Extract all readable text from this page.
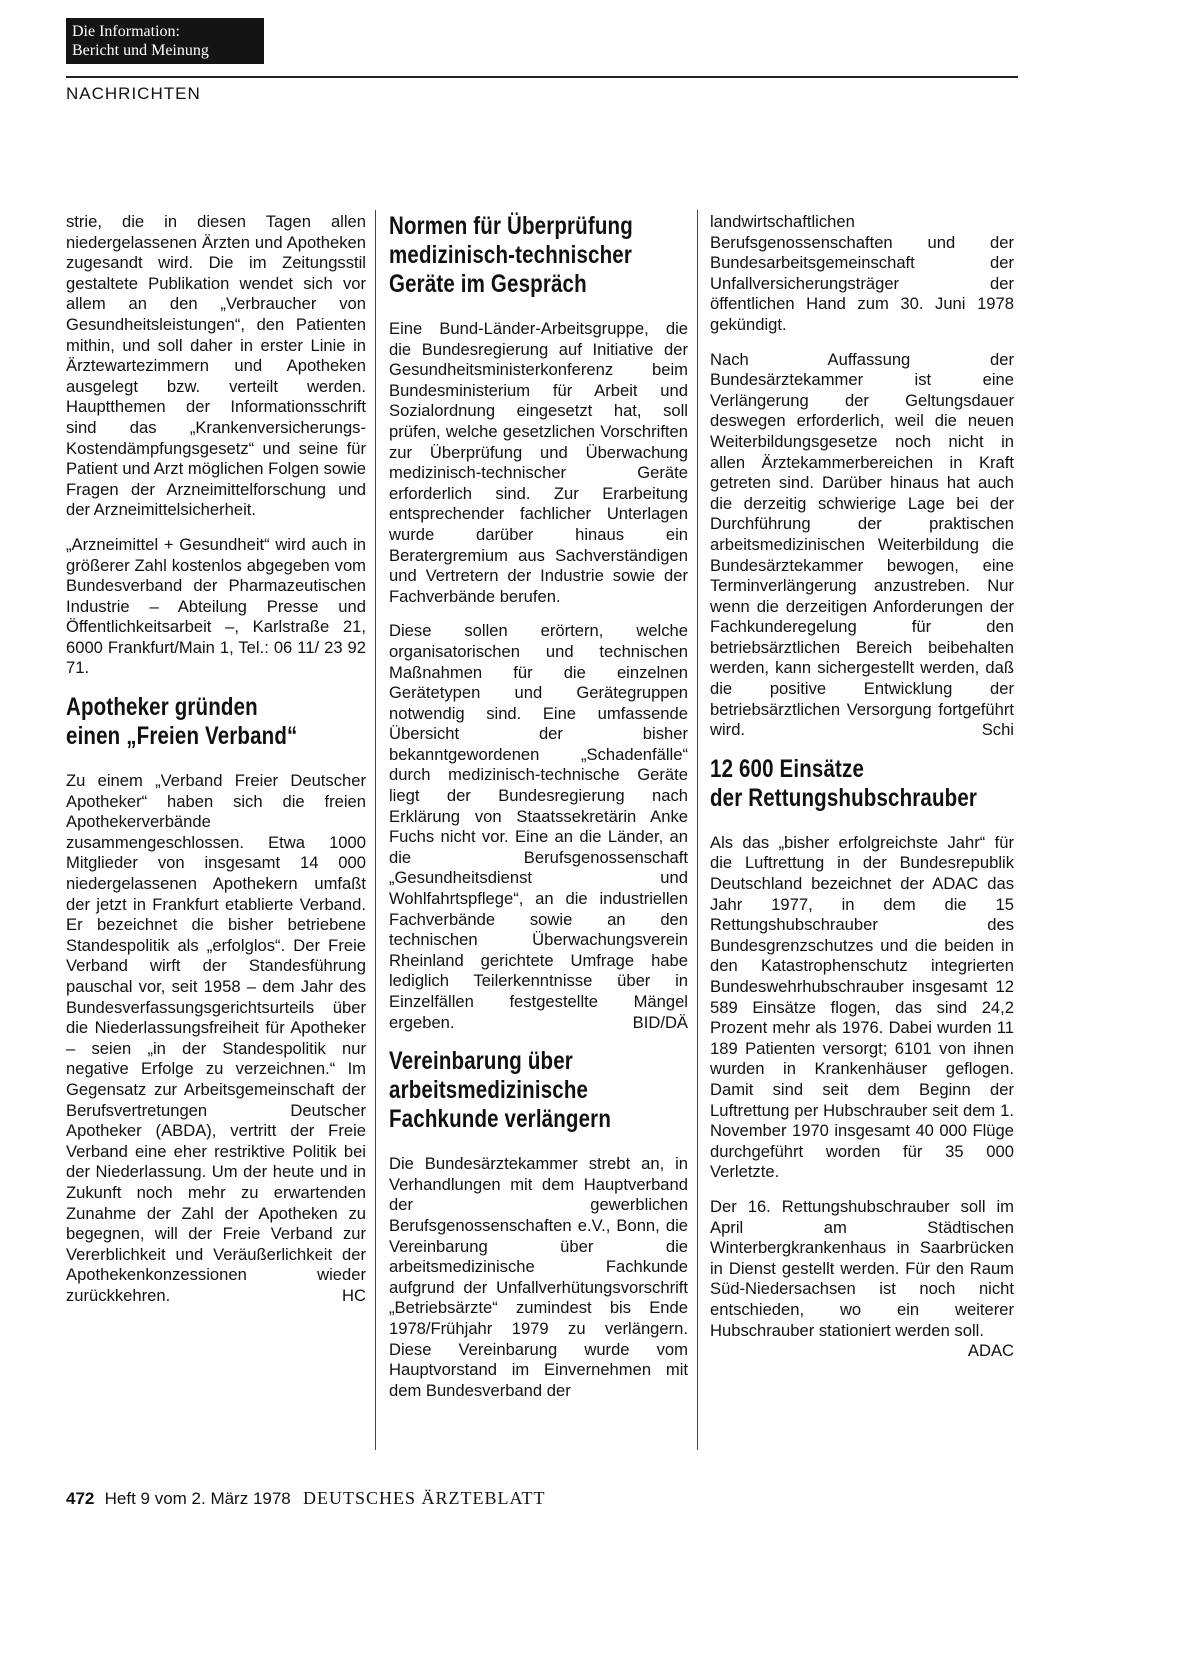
Die Information:
Bericht und Meinung
NACHRICHTEN

strie, die in diesen Tagen allen niedergelassenen Ärzten und Apotheken zugesandt wird. Die im Zeitungsstil gestaltete Publikation wendet sich vor allem an den „Verbraucher von Gesundheitsleistungen“, den Patienten mithin, und soll daher in erster Linie in Ärztewartezimmern und Apotheken ausgelegt bzw. verteilt werden. Hauptthemen der Informationsschrift sind das „Krankenversicherungs-Kostendämpfungsgesetz“ und seine für Patient und Arzt möglichen Folgen sowie Fragen der Arzneimittelforschung und der Arzneimittelsicherheit.

„Arzneimittel + Gesundheit“ wird auch in größerer Zahl kostenlos abgegeben vom Bundesverband der Pharmazeutischen Industrie – Abteilung Presse und Öffentlichkeitsarbeit –, Karlstraße 21, 6000 Frankfurt/Main 1, Tel.: 06 11/ 23 92 71.

Apotheker gründen
einen „Freien Verband“

Zu einem „Verband Freier Deutscher Apotheker“ haben sich die freien Apothekerverbände zusammengeschlossen. Etwa 1000 Mitglieder von insgesamt 14 000 niedergelassenen Apothekern umfaßt der jetzt in Frankfurt etablierte Verband. Er bezeichnet die bisher betriebene Standespolitik als „erfolglos“. Der Freie Verband wirft der Standesführung pauschal vor, seit 1958 – dem Jahr des Bundesverfassungsgerichtsurteils über die Niederlassungsfreiheit für Apotheker – seien „in der Standespolitik nur negative Erfolge zu verzeichnen.“ Im Gegensatz zur Arbeitsgemeinschaft der Berufsvertretungen Deutscher Apotheker (ABDA), vertritt der Freie Verband eine eher restriktive Politik bei der Niederlassung. Um der heute und in Zukunft noch mehr zu erwartenden Zunahme der Zahl der Apotheken zu begegnen, will der Freie Verband zur Vererblichkeit und Veräußerlichkeit der Apothekenkonzessionen wieder zurückkehren.	HC

Normen für Überprüfung
medizinisch-technischer
Geräte im Gespräch

Eine Bund-Länder-Arbeitsgruppe, die die Bundesregierung auf Initiative der Gesundheitsministerkonferenz beim Bundesministerium für Arbeit und Sozialordnung eingesetzt hat, soll prüfen, welche gesetzlichen Vorschriften zur Überprüfung und Überwachung medizinisch-technischer Geräte erforderlich sind. Zur Erarbeitung entsprechender fachlicher Unterlagen wurde darüber hinaus ein Beratergremium aus Sachverständigen und Vertretern der Industrie sowie der Fachverbände berufen.

Diese sollen erörtern, welche organisatorischen und technischen Maßnahmen für die einzelnen Gerätetypen und Gerätegruppen notwendig sind. Eine umfassende Übersicht der bisher bekanntgewordenen „Schadenfälle“ durch medizinisch-technische Geräte liegt der Bundesregierung nach Erklärung von Staatssekretärin Anke Fuchs nicht vor. Eine an die Länder, an die Berufsgenossenschaft „Gesundheitsdienst und Wohlfahrtspflege“, an die industriellen Fachverbände sowie an den technischen Überwachungsverein Rheinland gerichtete Umfrage habe lediglich Teilerkenntnisse über in Einzelfällen festgestellte Mängel ergeben.	BID/DÄ

Vereinbarung über
arbeitsmedizinische
Fachkunde verlängern

Die Bundesärztekammer strebt an, in Verhandlungen mit dem Hauptverband der gewerblichen Berufsgenossenschaften e.V., Bonn, die Vereinbarung über die arbeitsmedizinische Fachkunde aufgrund der Unfallverhütungsvorschrift „Betriebsärzte“ zumindest bis Ende 1978/Frühjahr 1979 zu verlängern. Diese Vereinbarung wurde vom Hauptvorstand im Einvernehmen mit dem Bundesverband der

landwirtschaftlichen Berufsgenossenschaften und der Bundesarbeitsgemeinschaft der Unfallversicherungsträger der öffentlichen Hand zum 30. Juni 1978 gekündigt.

Nach Auffassung der Bundesärztekammer ist eine Verlängerung der Geltungsdauer deswegen erforderlich, weil die neuen Weiterbildungsgesetze noch nicht in allen Ärztekammerbereichen in Kraft getreten sind. Darüber hinaus hat auch die derzeitig schwierige Lage bei der Durchführung der praktischen arbeitsmedizinischen Weiterbildung die Bundesärztekammer bewogen, eine Terminverlängerung anzustreben. Nur wenn die derzeitigen Anforderungen der Fachkunderegelung für den betriebsärztlichen Bereich beibehalten werden, kann sichergestellt werden, daß die positive Entwicklung der betriebsärztlichen Versorgung fortgeführt wird.	Schi

12 600 Einsätze
der Rettungshubschrauber

Als das „bisher erfolgreichste Jahr“ für die Luftrettung in der Bundesrepublik Deutschland bezeichnet der ADAC das Jahr 1977, in dem die 15 Rettungshubschrauber des Bundesgrenzschutzes und die beiden in den Katastrophenschutz integrierten Bundeswehrhubschrauber insgesamt 12 589 Einsätze flogen, das sind 24,2 Prozent mehr als 1976. Dabei wurden 11 189 Patienten versorgt; 6101 von ihnen wurden in Krankenhäuser geflogen. Damit sind seit dem Beginn der Luftrettung per Hubschrauber seit dem 1. November 1970 insgesamt 40 000 Flüge durchgeführt worden für 35 000 Verletzte.

Der 16. Rettungshubschrauber soll im April am Städtischen Winterbergkrankenhaus in Saarbrücken in Dienst gestellt werden. Für den Raum Süd-Niedersachsen ist noch nicht entschieden, wo ein weiterer Hubschrauber stationiert werden soll.
ADAC

472 Heft 9 vom 2. März 1978 DEUTSCHES ÄRZTEBLATT
